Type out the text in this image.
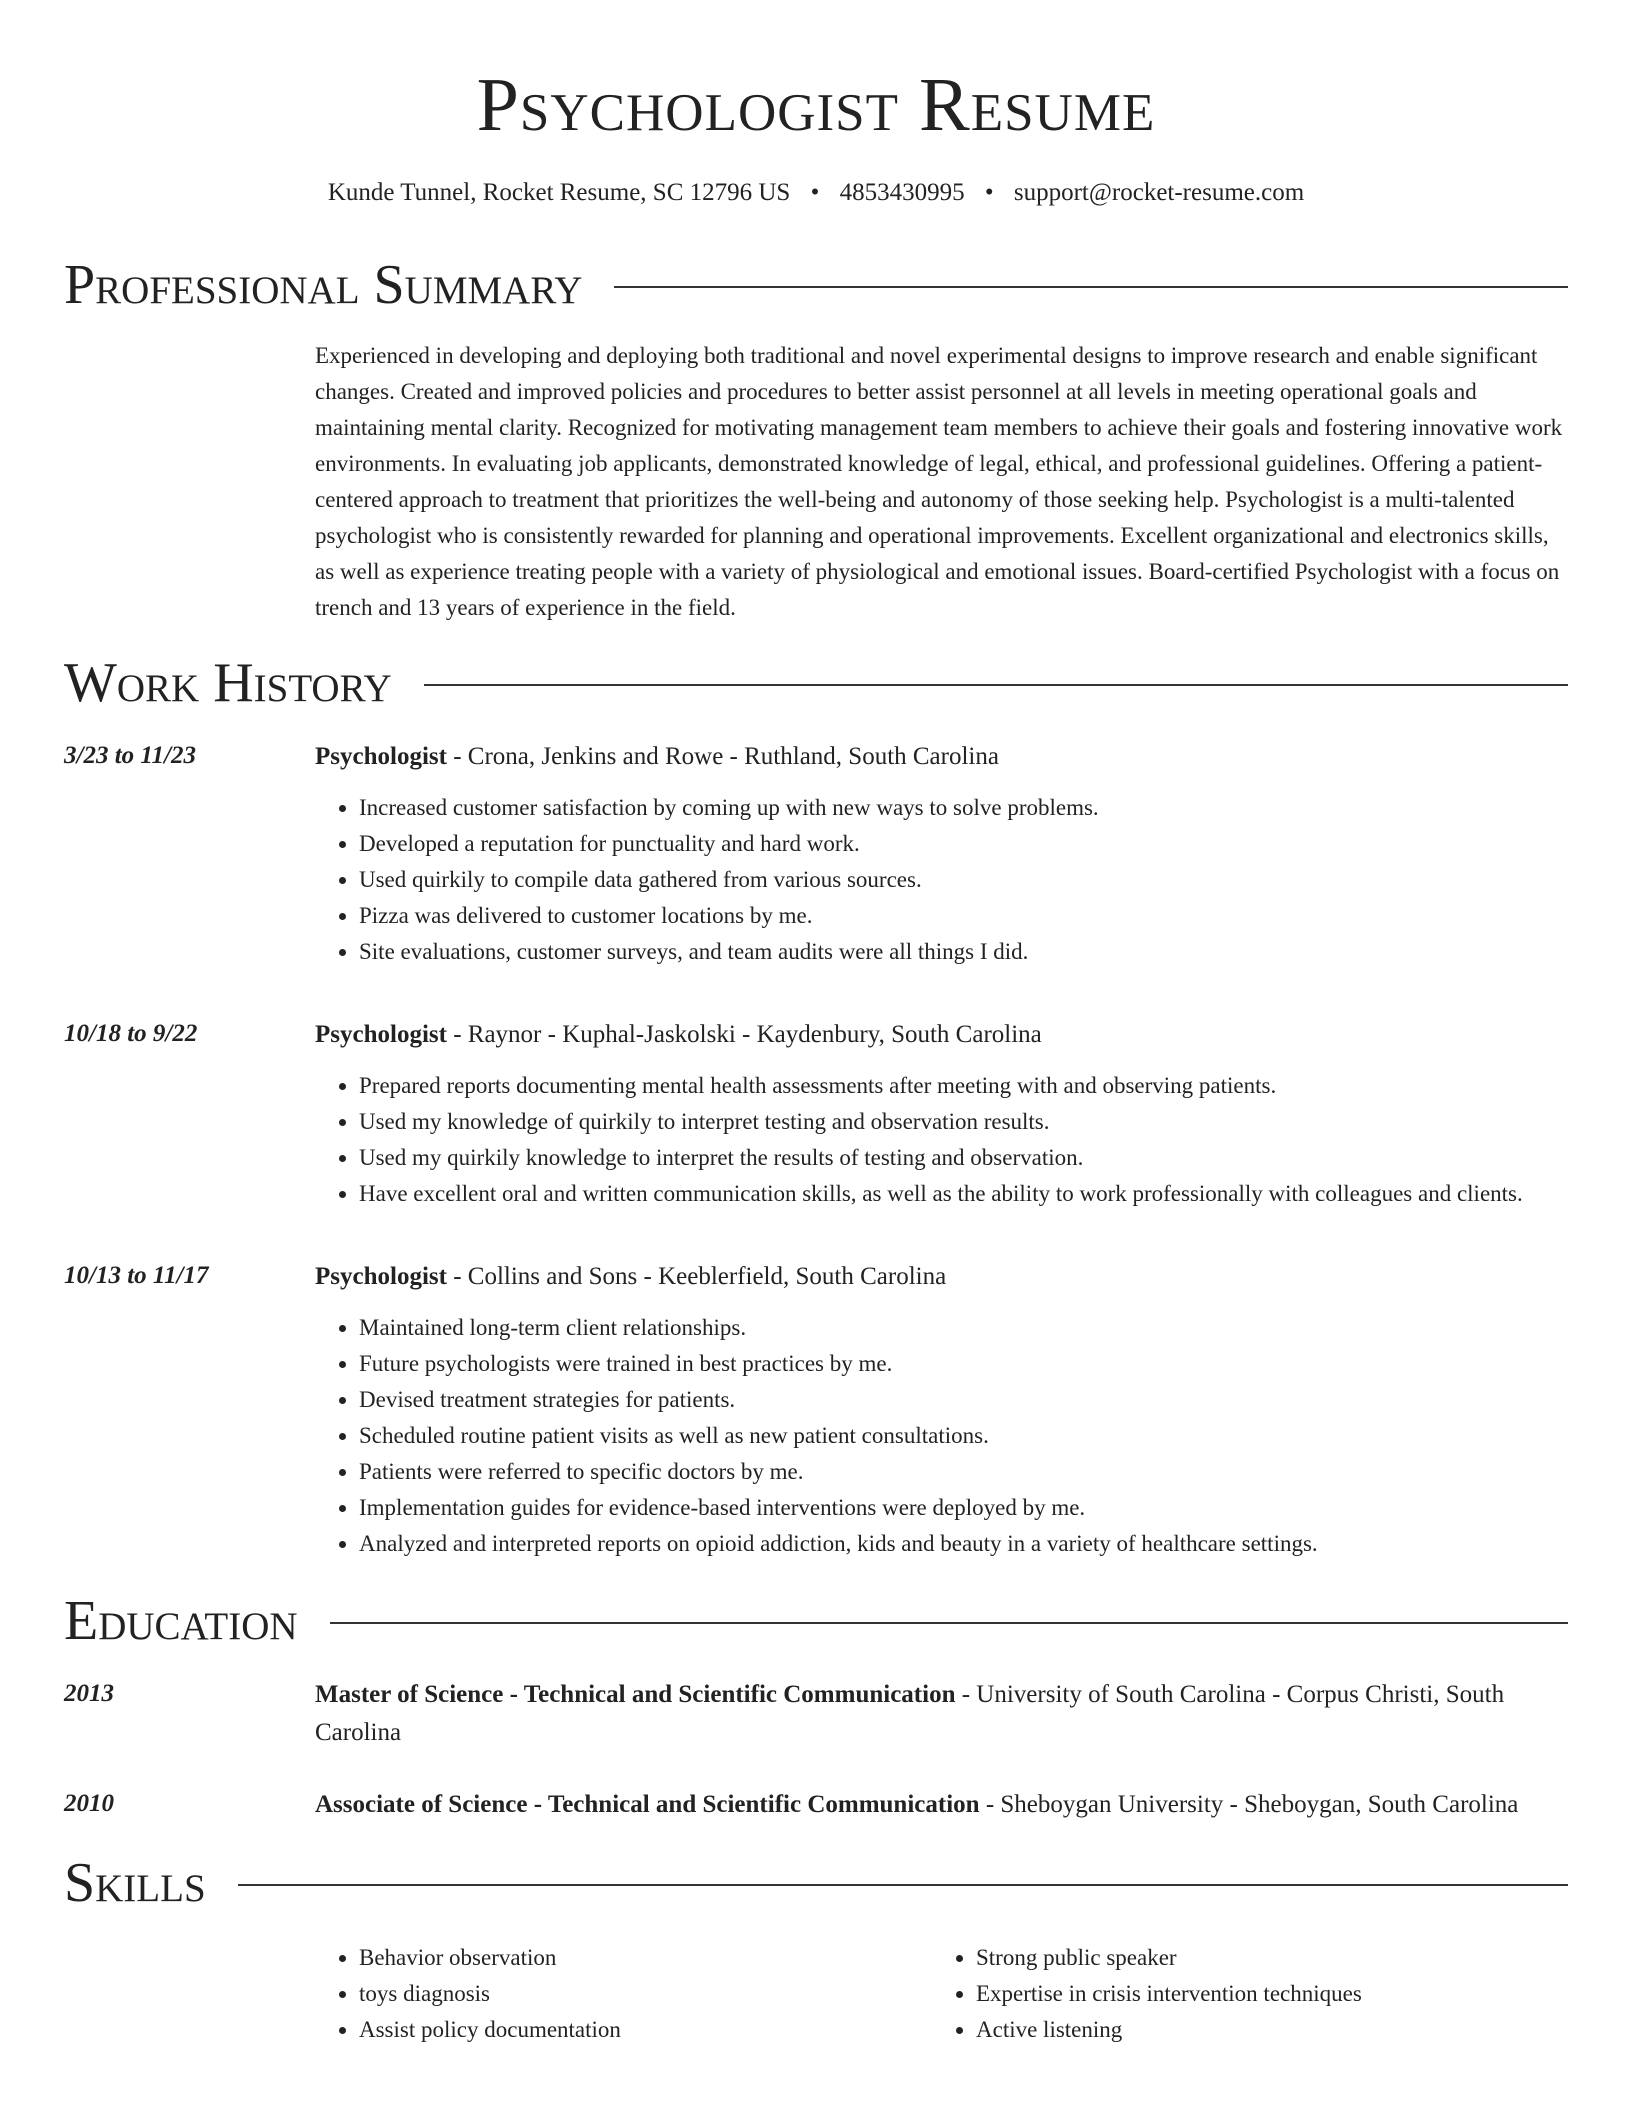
Psychologist Resume
Kunde Tunnel, Rocket Resume, SC 12796 US • 4853430995 • support@rocket-resume.com
Professional Summary

Experienced in developing and deploying both traditional and novel experimental designs to improve research and enable significant changes. Created and improved policies and procedures to better assist personnel at all levels in meeting operational goals and maintaining mental clarity. Recognized for motivating management team members to achieve their goals and fostering innovative work environments. In evaluating job applicants, demonstrated knowledge of legal, ethical, and professional guidelines. Offering a patient-centered approach to treatment that prioritizes the well-being and autonomy of those seeking help. Psychologist is a multi-talented psychologist who is consistently rewarded for planning and operational improvements. Excellent organizational and electronics skills, as well as experience treating people with a variety of physiological and emotional issues. Board-certified Psychologist with a focus on trench and 13 years of experience in the field.

Work History
3/23 to 11/23	Psychologist - Crona, Jenkins and Rowe - Ruthland, South Carolina
• Increased customer satisfaction by coming up with new ways to solve problems.
• Developed a reputation for punctuality and hard work.
• Used quirkily to compile data gathered from various sources.
• Pizza was delivered to customer locations by me.
• Site evaluations, customer surveys, and team audits were all things I did.
10/18 to 9/22	Psychologist - Raynor - Kuphal-Jaskolski - Kaydenbury, South Carolina
• Prepared reports documenting mental health assessments after meeting with and observing patients.
• Used my knowledge of quirkily to interpret testing and observation results.
• Used my quirkily knowledge to interpret the results of testing and observation.
• Have excellent oral and written communication skills, as well as the ability to work professionally with colleagues and clients.
10/13 to 11/17	Psychologist - Collins and Sons - Keeblerfield, South Carolina
• Maintained long-term client relationships.
• Future psychologists were trained in best practices by me.
• Devised treatment strategies for patients.
• Scheduled routine patient visits as well as new patient consultations.
• Patients were referred to specific doctors by me.
• Implementation guides for evidence-based interventions were deployed by me.
• Analyzed and interpreted reports on opioid addiction, kids and beauty in a variety of healthcare settings.
Education
2013	Master of Science - Technical and Scientific Communication - University of South Carolina - Corpus Christi, South Carolina
2010	Associate of Science - Technical and Scientific Communication - Sheboygan University - Sheboygan, South Carolina
Skills
• Behavior observation
• toys diagnosis
• Assist policy documentation
• Strong public speaker
• Expertise in crisis intervention techniques
• Active listening
